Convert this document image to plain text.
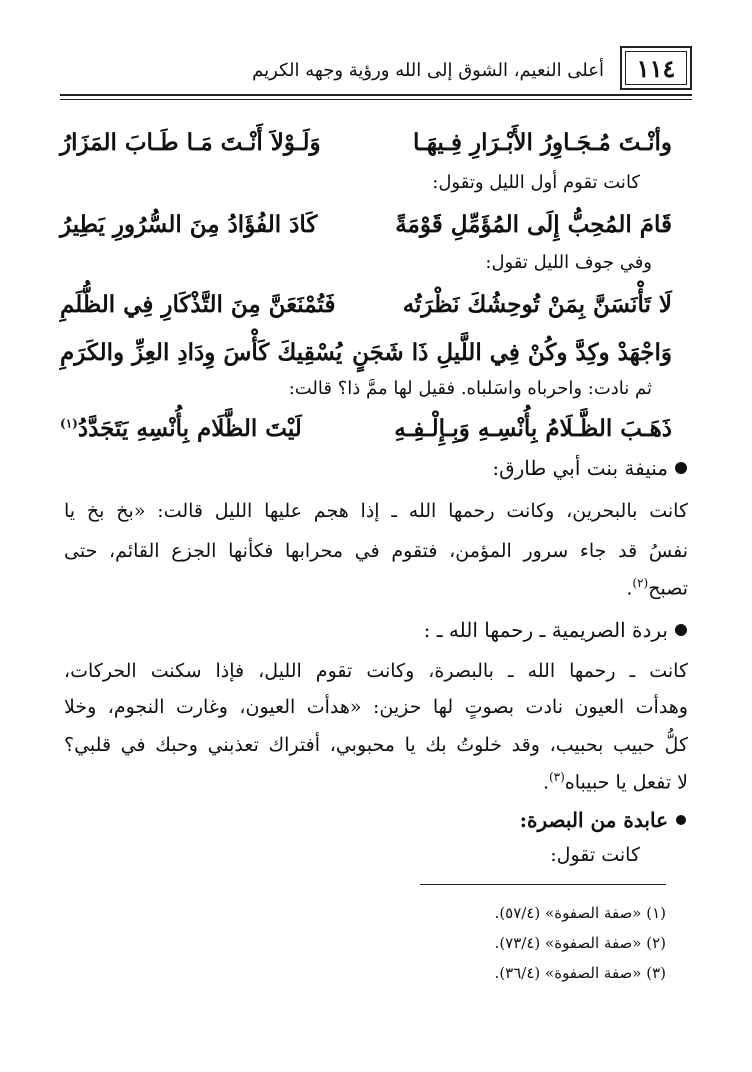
١١٤
أعلى النعيم، الشوق إلى الله ورؤية وجهه الكريم
وأنْـتَ مُـجَـاوِرُ الأَبْـرَارِ فِـيهَـا
وَلَـوْلاَ أَنْـتَ مَـا طَـابَ المَزَارُ
كانت تقوم أول الليل وتقول:
قَامَ المُحِبُّ إِلَى المُؤَمِّلِ قَوْمَةً
كَادَ الفُؤَادُ مِنَ السُّرُورِ يَطِيرُ
وفي جوف الليل تقول:
لَا تَأْنَسَنَّ بِمَنْ تُوحِشُكَ نَظْرَتُه
فَتُمْنَعَنَّ مِنَ التَّذْكَارِ فِي الظُّلَمِ
وَاجْهَدْ وكِدَّ وكُنْ فِي اللَّيلِ ذَا شَجَنٍ
يُسْقِيكَ كَأْسَ وِدَادِ العِزِّ والكَرَمِ
ثم نادت: واحرباه واسَلباه. فقيل لها ممَّ ذا؟ قالت:
ذَهَـبَ الظَّـلَامُ بِأُنْسِـهِ وَبِـإِلْـفِـهِ
لَيْتَ الظَّلَام بِأُنْسِهِ يَتَجَدَّدُ$^{(١)}$
منيفة بنت أبي طارق:
كانت بالبحرين، وكانت رحمها الله ـ إذا هجم عليها الليل قالت: «بخ بخ يا
نفسُ قد جاء سرور المؤمن، فتقوم في محرابها فكأنها الجزع القائم، حتى
تصبح$^{(٢)}$.
بردة الصريمية ـ رحمها الله ـ :
كانت ـ رحمها الله ـ بالبصرة، وكانت تقوم الليل، فإذا سكنت الحركات،
وهدأت العيون نادت بصوتٍ لها حزين: «هدأت العيون، وغارت النجوم، وخلا
كلُّ حبيب بحبيب، وقد خلوتُ بك يا محبوبي، أفتراك تعذبني وحبك في قلبي؟
لا تفعل يا حبيباه$^{(٣)}$.
عابدة من البصرة:
كانت تقول:
(١) «صفة الصفوة» (٥٧/٤).
(٢) «صفة الصفوة» (٧٣/٤).
(٣) «صفة الصفوة» (٣٦/٤).
